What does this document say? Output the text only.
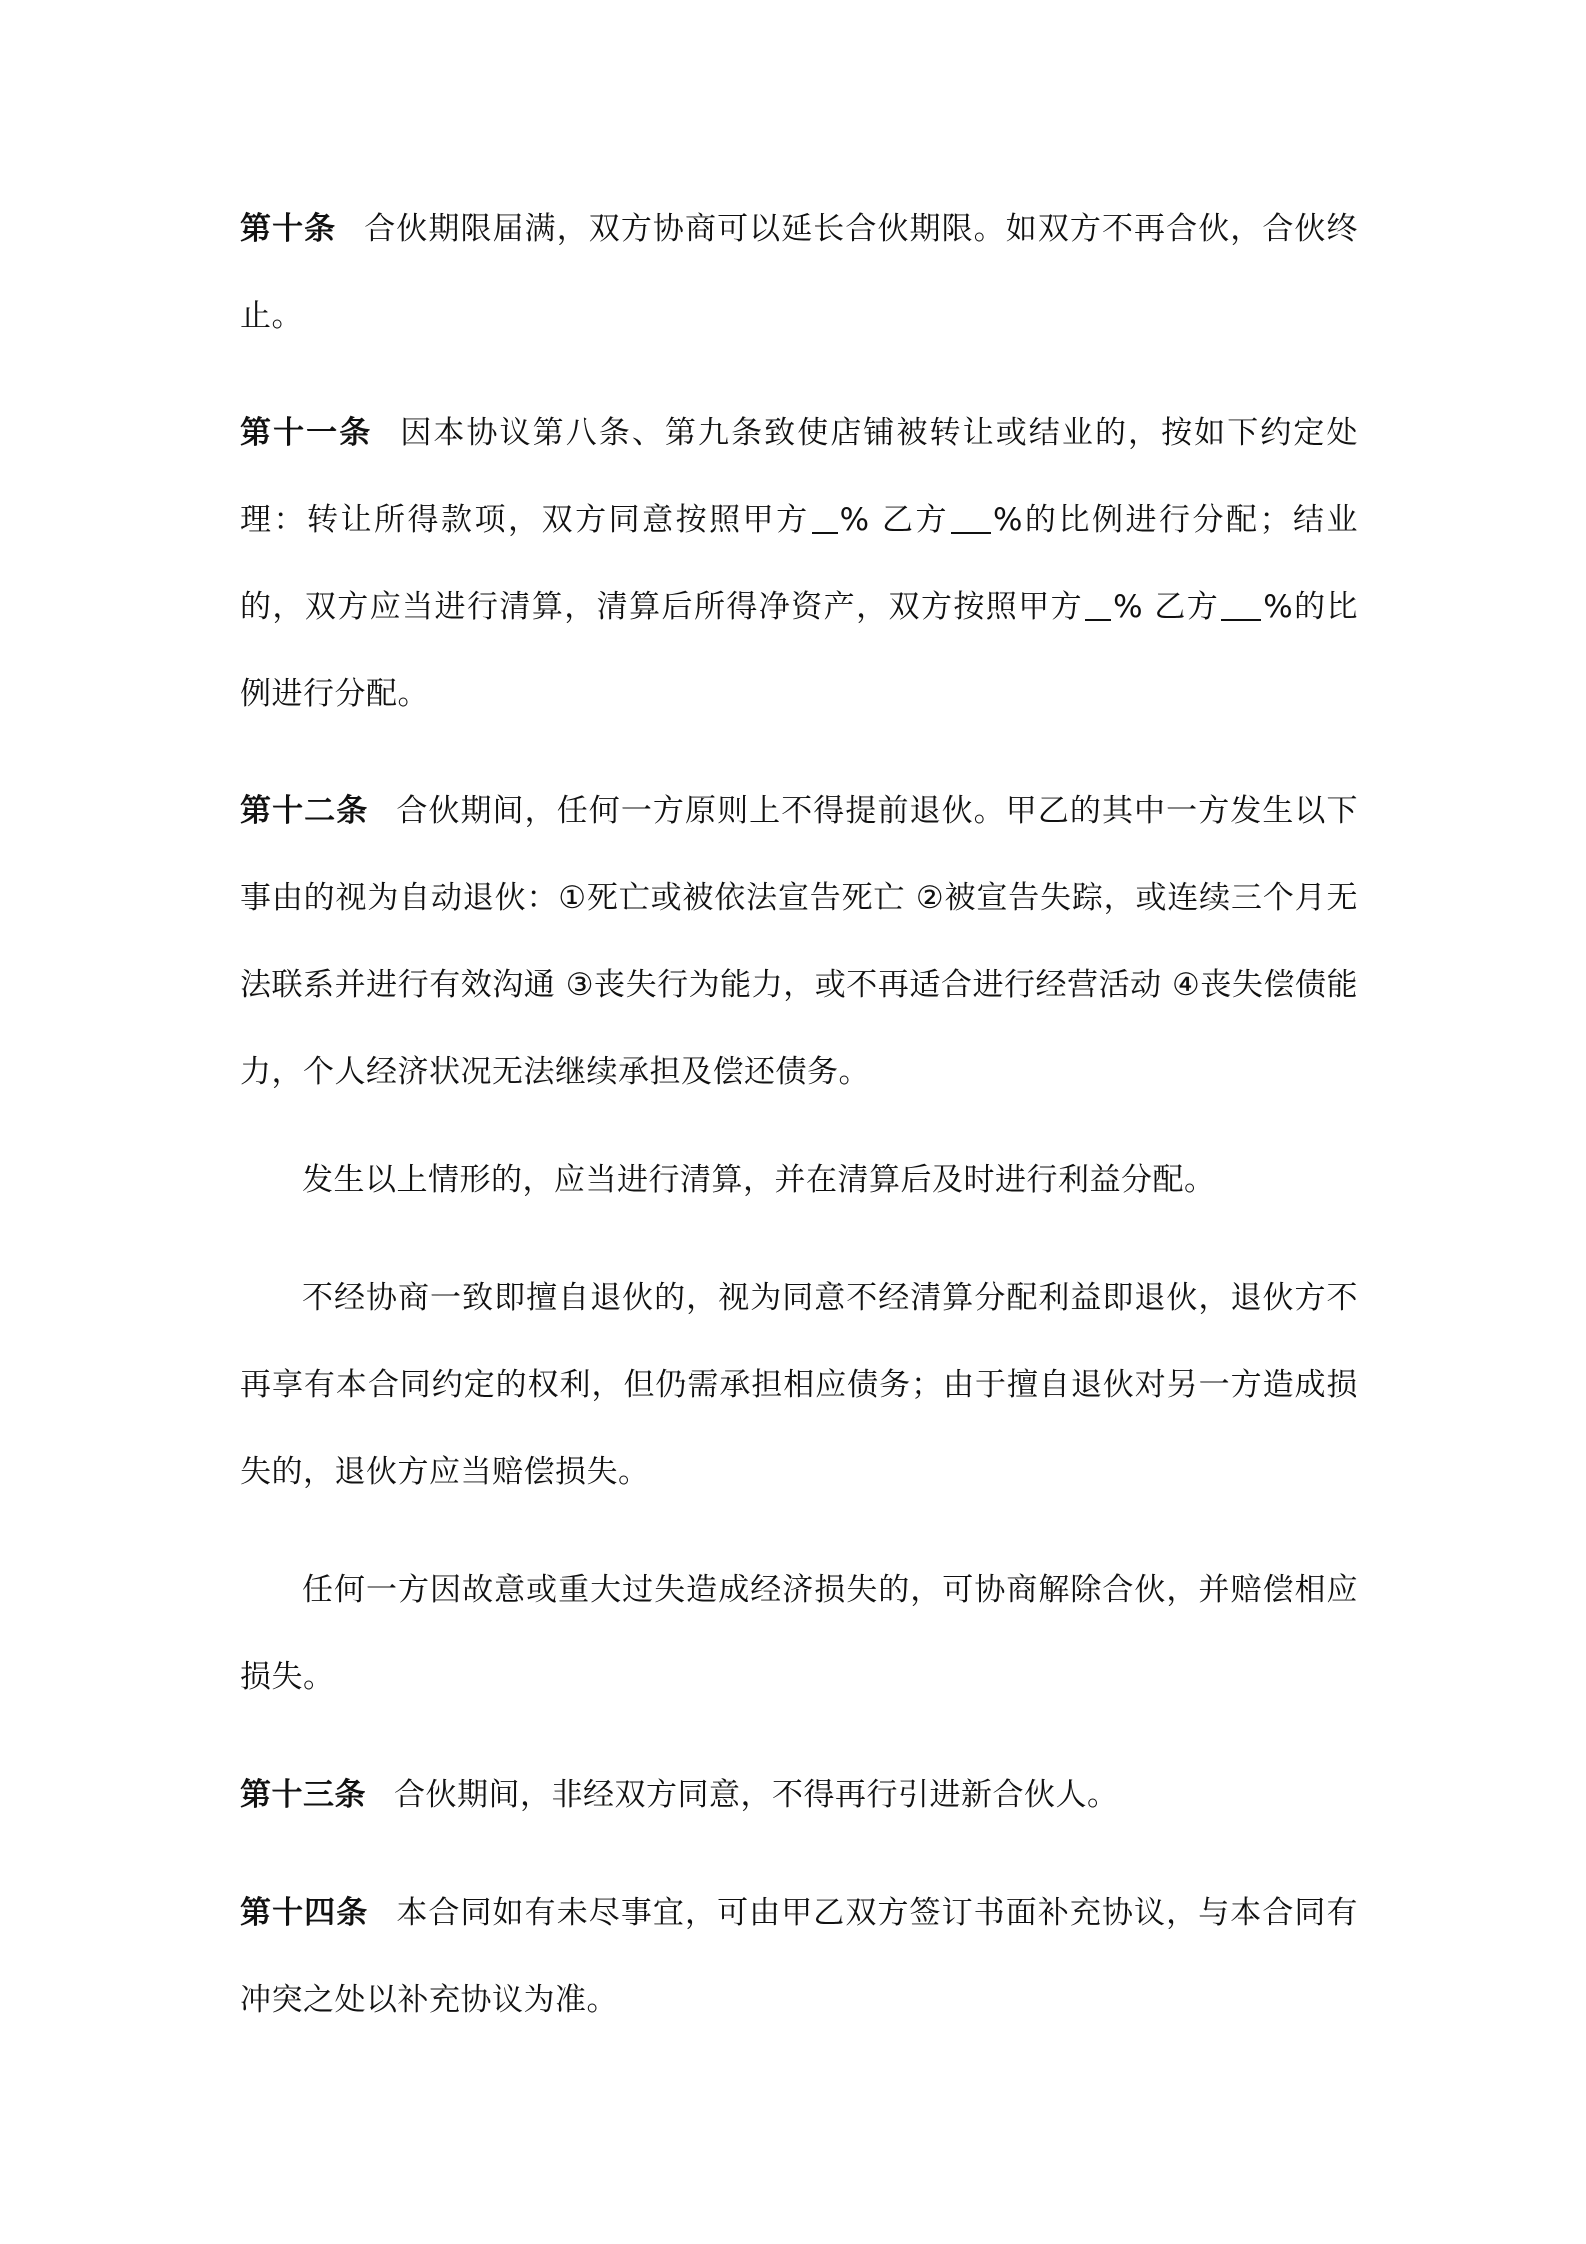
第十条 合伙期限届满，双方协商可以延长合伙期限。如双方不再合伙，合伙终止。

第十一条 因本协议第八条、第九条致使店铺被转让或结业的，按如下约定处理：转让所得款项，双方同意按照甲方 % 乙方 %的比例进行分配；结业的，双方应当进行清算，清算后所得净资产，双方按照甲方 % 乙方 %的比例进行分配。

第十二条 合伙期间，任何一方原则上不得提前退伙。甲乙的其中一方发生以下事由的视为自动退伙：①死亡或被依法宣告死亡 ②被宣告失踪，或连续三个月无法联系并进行有效沟通 ③丧失行为能力，或不再适合进行经营活动 ④丧失偿债能力，个人经济状况无法继续承担及偿还债务。

发生以上情形的，应当进行清算，并在清算后及时进行利益分配。

不经协商一致即擅自退伙的，视为同意不经清算分配利益即退伙，退伙方不再享有本合同约定的权利，但仍需承担相应债务；由于擅自退伙对另一方造成损失的，退伙方应当赔偿损失。

任何一方因故意或重大过失造成经济损失的，可协商解除合伙，并赔偿相应损失。

第十三条 合伙期间，非经双方同意，不得再行引进新合伙人。

第十四条 本合同如有未尽事宜，可由甲乙双方签订书面补充协议，与本合同有冲突之处以补充协议为准。
